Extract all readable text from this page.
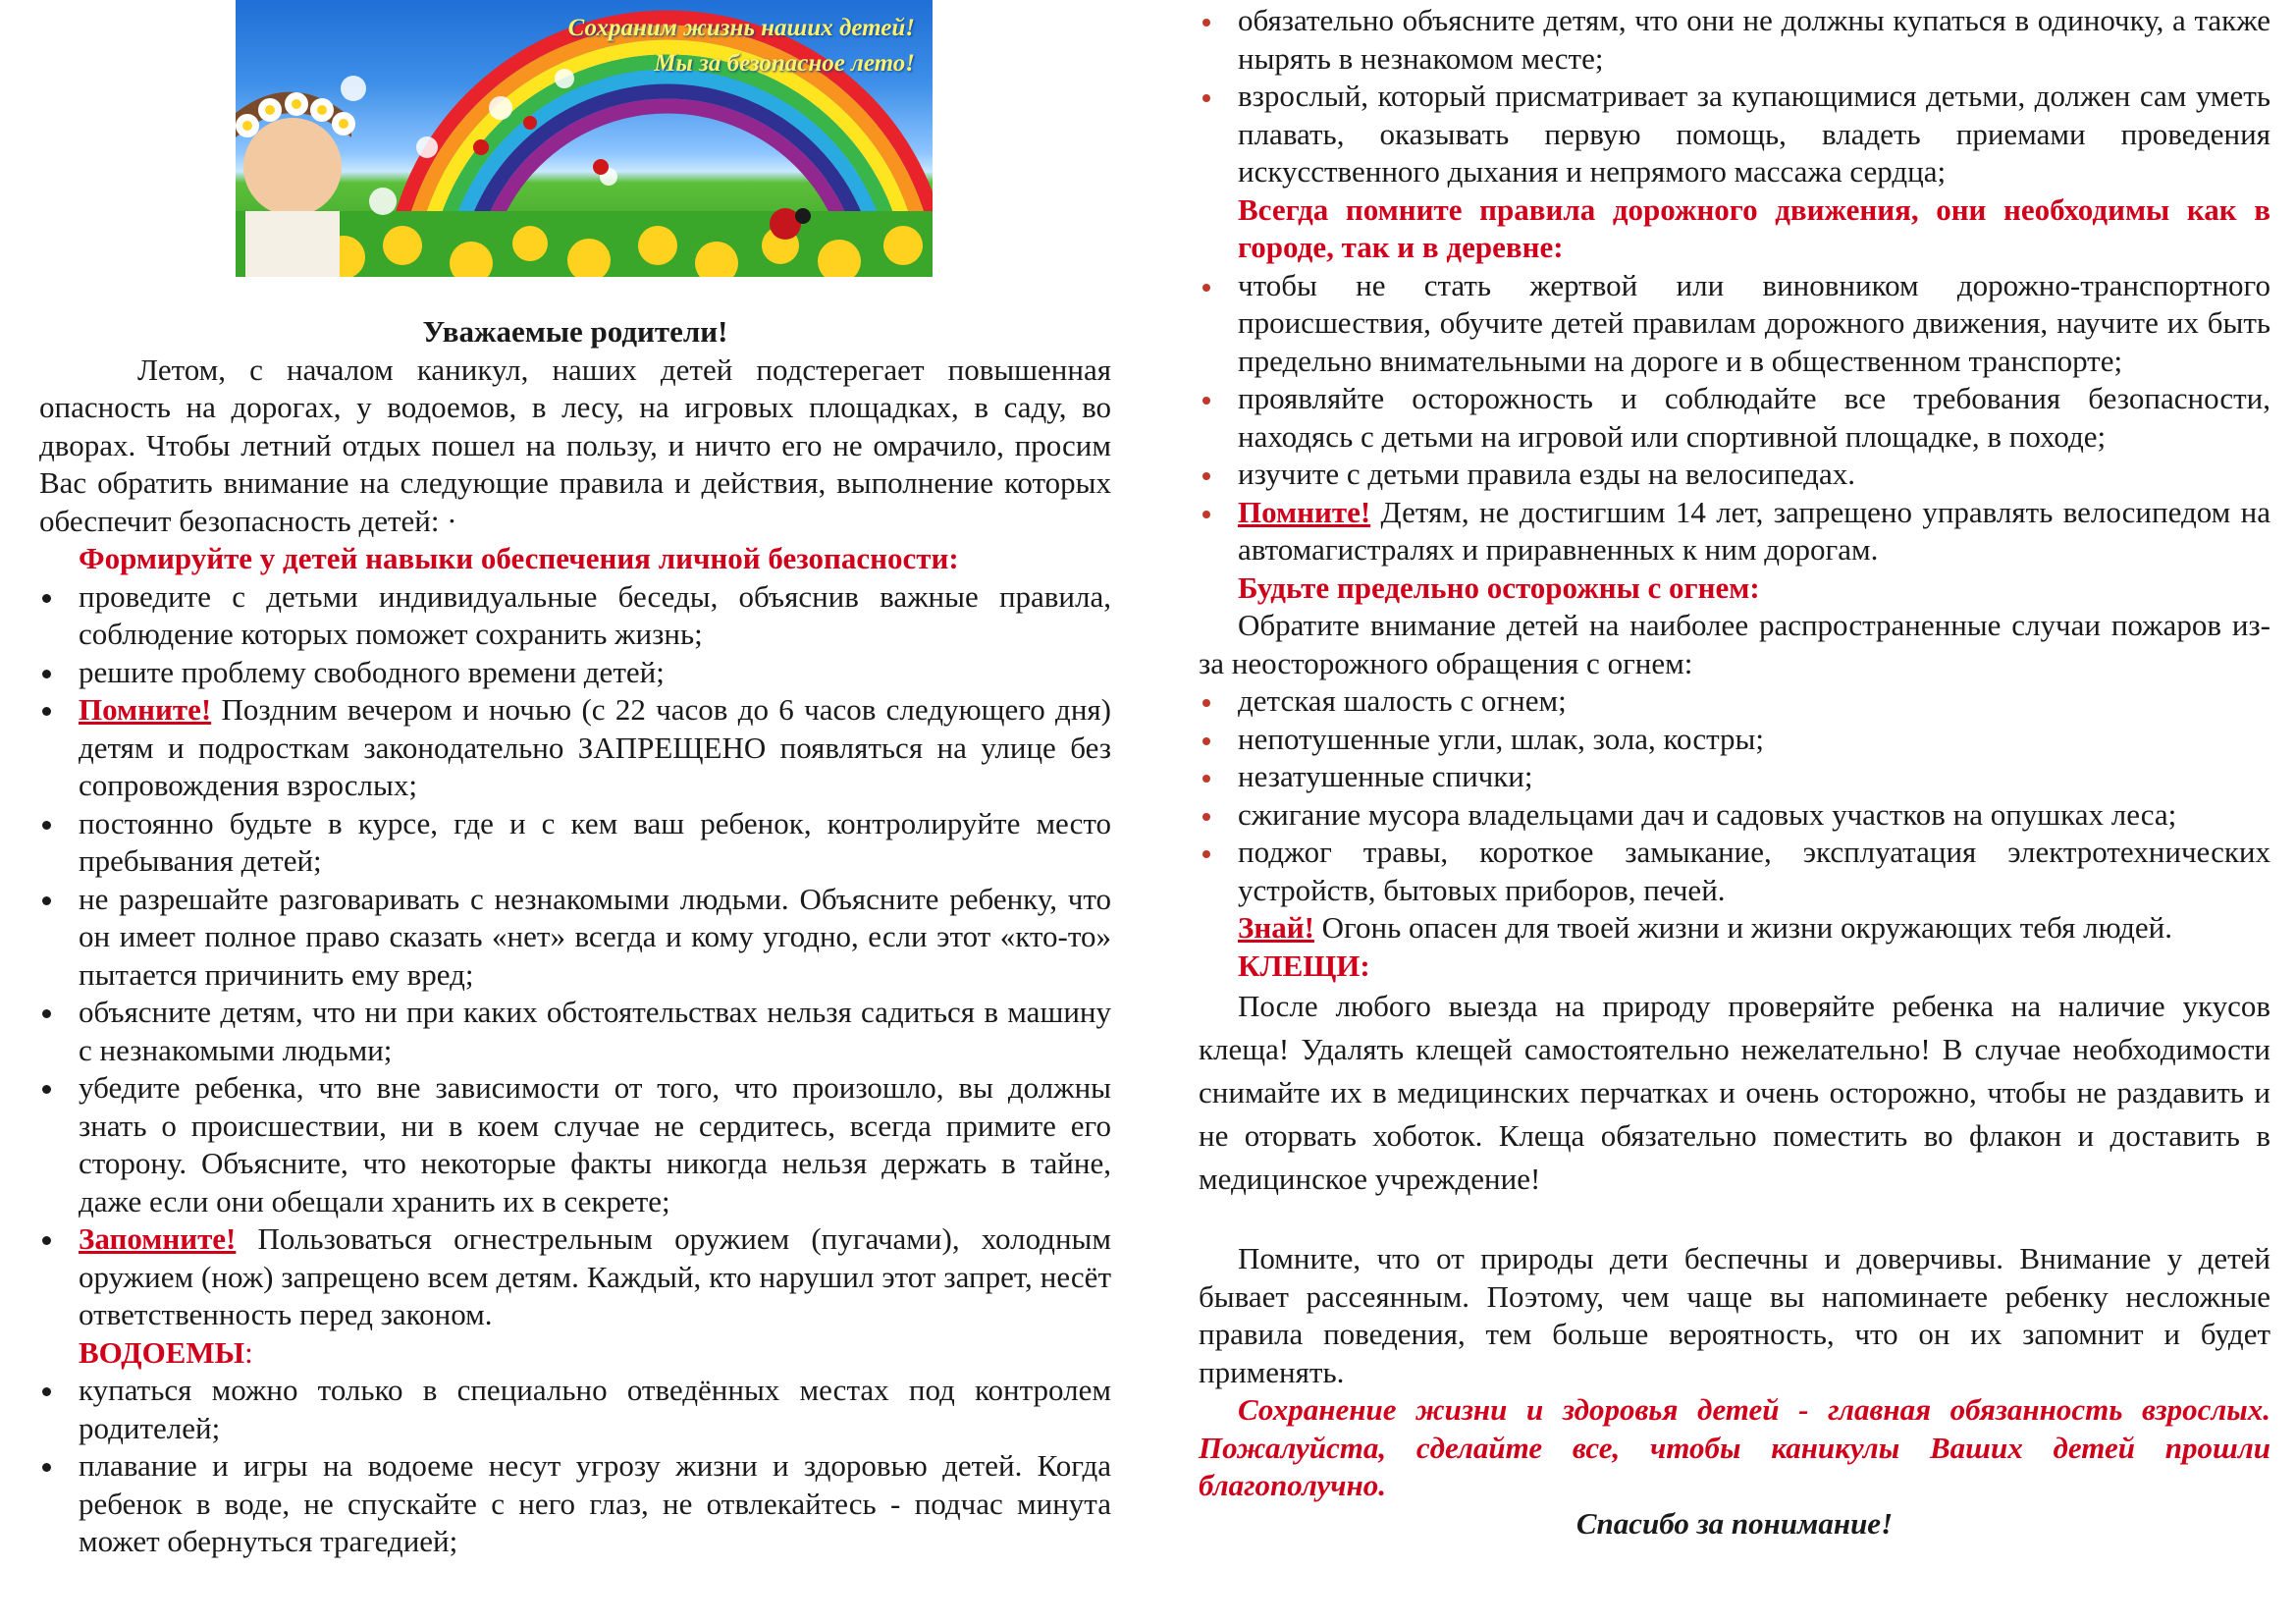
Сохраним жизнь наших детей!
Мы за безопасное лето!

Уважаемые родители!

Летом, с началом каникул, наших детей подстерегает повышенная опасность на дорогах, у водоемов, в лесу, на игровых площадках, в саду, во дворах. Чтобы летний отдых пошел на пользу, и ничто его не омрачило, просим Вас обратить внимание на следующие правила и действия, выполнение которых обеспечит безопасность детей: ·

Формируйте у детей навыки обеспечения личной безопасности:

проведите с детьми индивидуальные беседы, объяснив важные правила, соблюдение которых поможет сохранить жизнь;
решите проблему свободного времени детей;
Помните! Поздним вечером и ночью (с 22 часов до 6 часов следующего дня) детям и подросткам законодательно ЗАПРЕЩЕНО появляться на улице без сопровождения взрослых;
постоянно будьте в курсе, где и с кем ваш ребенок, контролируйте место пребывания детей;
не разрешайте разговаривать с незнакомыми людьми. Объясните ребенку, что он имеет полное право сказать «нет» всегда и кому угодно, если этот «кто-то» пытается причинить ему вред;
объясните детям, что ни при каких обстоятельствах нельзя садиться в машину с незнакомыми людьми;
убедите ребенка, что вне зависимости от того, что произошло, вы должны знать о происшествии, ни в коем случае не сердитесь, всегда примите его сторону. Объясните, что некоторые факты никогда нельзя держать в тайне, даже если они обещали хранить их в секрете;
Запомните! Пользоваться огнестрельным оружием (пугачами), холодным оружием (нож) запрещено всем детям. Каждый, кто нарушил этот запрет, несёт ответственность перед законом.

ВОДОЕМЫ:

купаться можно только в специально отведённых местах под контролем родителей;
плавание и игры на водоеме несут угрозу жизни и здоровью детей. Когда ребенок в воде, не спускайте с него глаз, не отвлекайтесь - подчас минута может обернуться трагедией;
обязательно объясните детям, что они не должны купаться в одиночку, а также нырять в незнакомом месте;
взрослый, который присматривает за купающимися детьми, должен сам уметь плавать, оказывать первую помощь, владеть приемами проведения искусственного дыхания и непрямого массажа сердца;

Всегда помните правила дорожного движения, они необходимы как в городе, так и в деревне:

чтобы не стать жертвой или виновником дорожно-транспортного происшествия, обучите детей правилам дорожного движения, научите их быть предельно внимательными на дороге и в общественном транспорте;
проявляйте осторожность и соблюдайте все требования безопасности, находясь с детьми на игровой или спортивной площадке, в походе;
изучите с детьми правила езды на велосипедах.
Помните! Детям, не достигшим 14 лет, запрещено управлять велосипедом на автомагистралях и приравненных к ним дорогам.

Будьте предельно осторожны с огнем:

Обратите внимание детей на наиболее распространенные случаи пожаров из-за неосторожного обращения с огнем:

детская шалость с огнем;
непотушенные угли, шлак, зола, костры;
незатушенные спички;
сжигание мусора владельцами дач и садовых участков на опушках леса;
поджог травы, короткое замыкание, эксплуатация электротехнических устройств, бытовых приборов, печей.

Знай! Огонь опасен для твоей жизни и жизни окружающих тебя людей.

КЛЕЩИ:

После любого выезда на природу проверяйте ребенка на наличие укусов клеща! Удалять клещей самостоятельно нежелательно! В случае необходимости снимайте их в медицинских перчатках и очень осторожно, чтобы не раздавить и не оторвать хоботок. Клеща обязательно поместить во флакон и доставить в медицинское учреждение!

Помните, что от природы дети беспечны и доверчивы. Внимание у детей бывает рассеянным. Поэтому, чем чаще вы напоминаете ребенку несложные правила поведения, тем больше вероятность, что он их запомнит и будет применять.

Сохранение жизни и здоровья детей - главная обязанность взрослых. Пожалуйста, сделайте все, чтобы каникулы Ваших детей прошли благополучно.

Спасибо за понимание!
